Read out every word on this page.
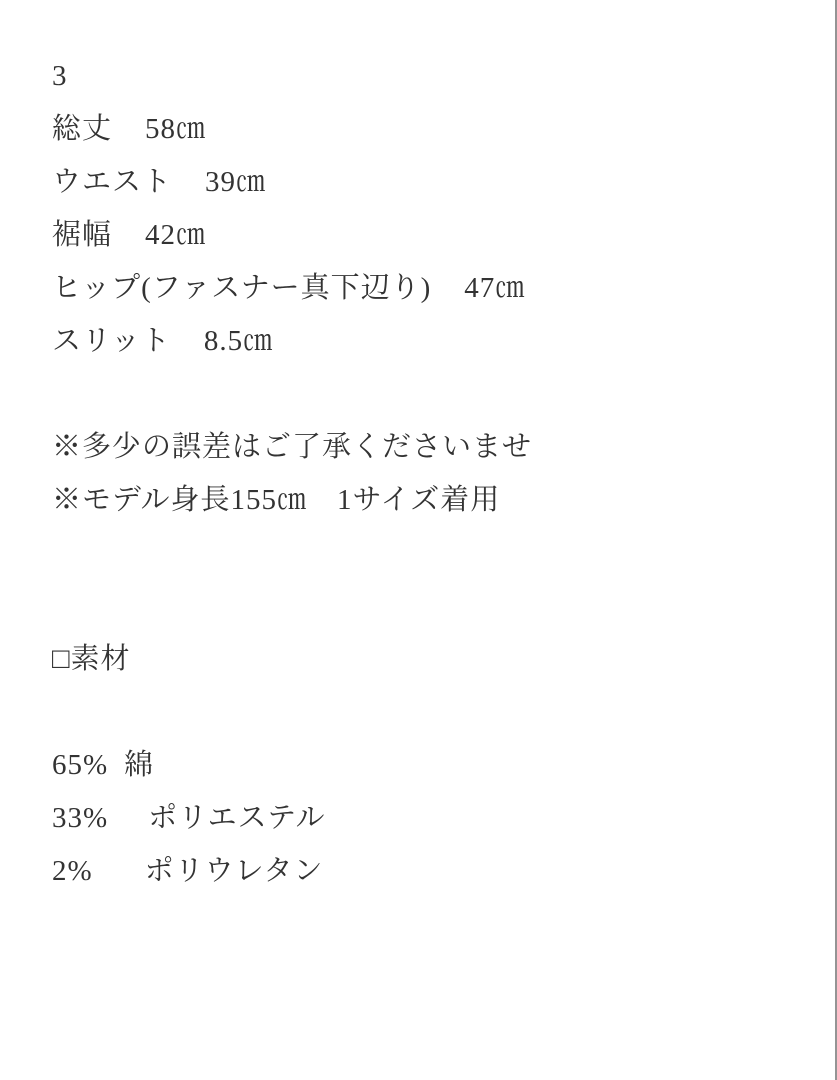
3
総丈 58㎝
ウエスト 39㎝
裾幅 42㎝
ヒップ(ファスナー真下辺り) 47㎝
スリット 8.5㎝
※多少の誤差はご了承くださいませ
※モデル身長155㎝　1サイズ着用
□素材
65% 綿
33% ポリエステル
2% ポリウレタン
